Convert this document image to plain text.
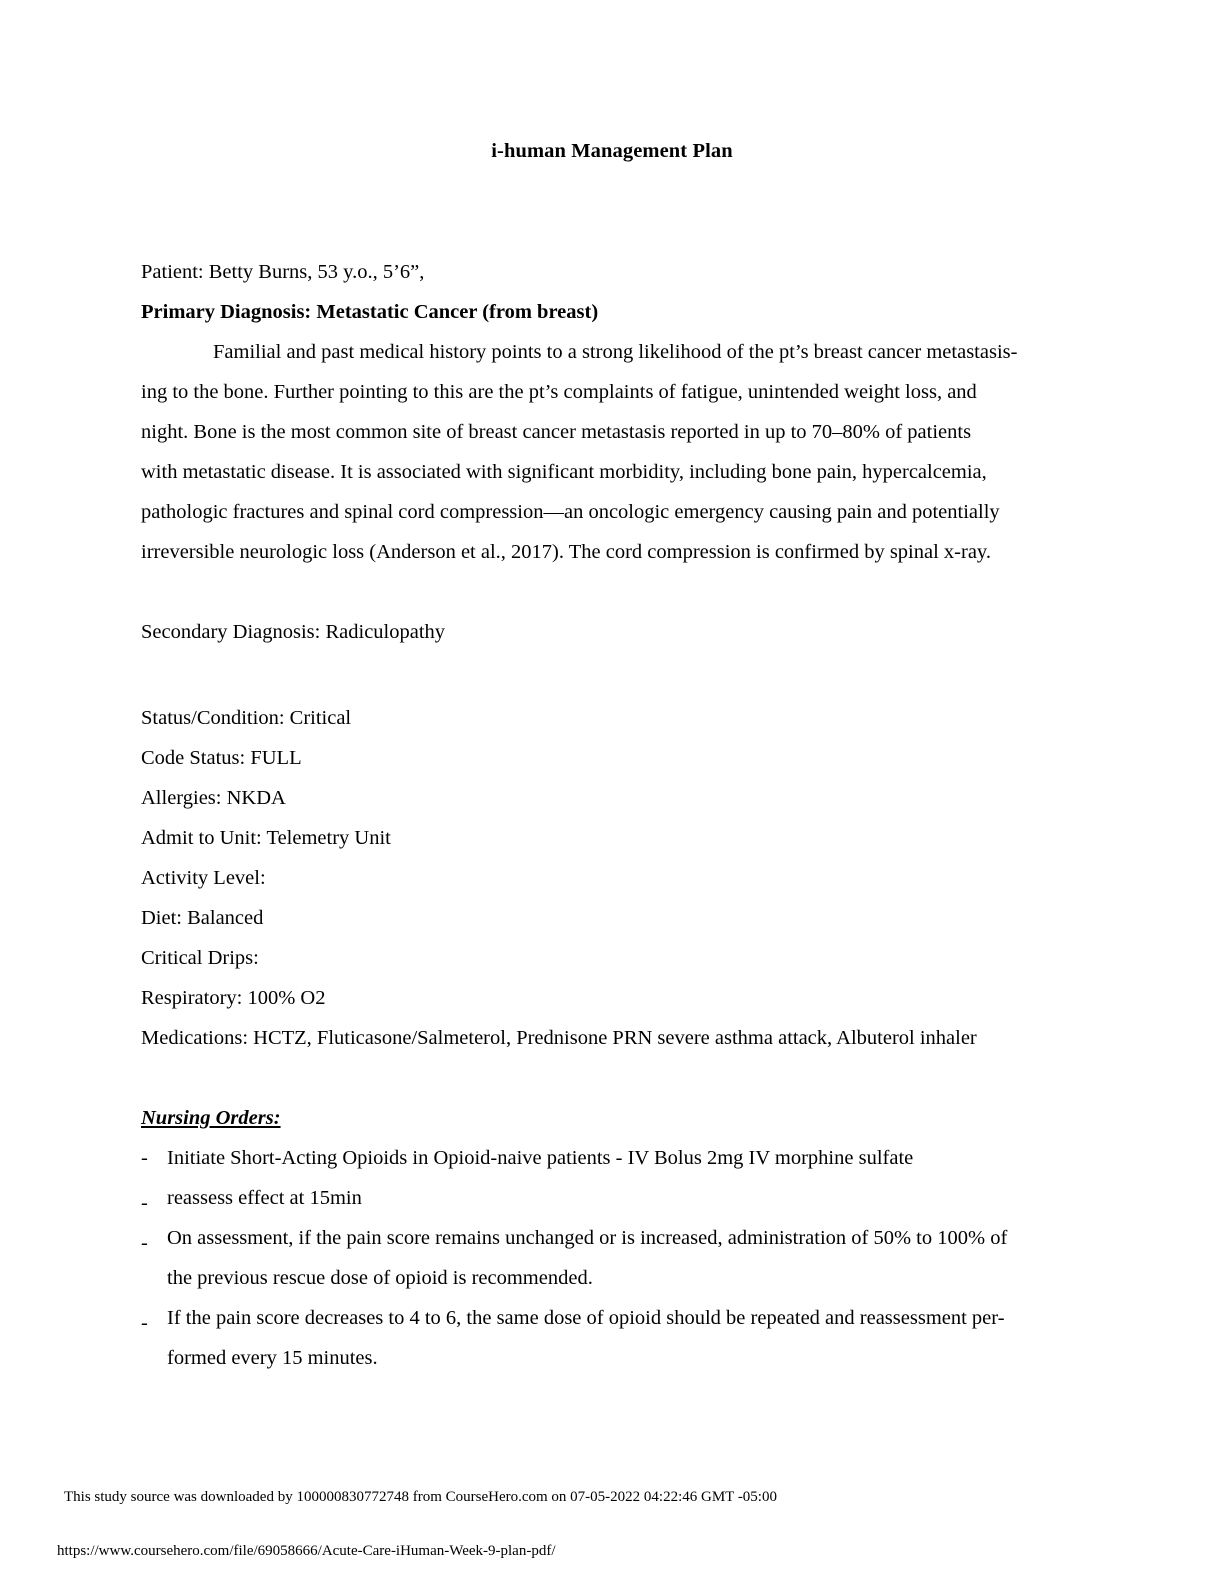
i-human Management Plan
Patient: Betty Burns, 53 y.o., 5’6”,
Primary Diagnosis: Metastatic Cancer (from breast)
Familial and past medical history points to a strong likelihood of the pt’s breast cancer metastasis-
ing to the bone. Further pointing to this are the pt’s complaints of fatigue, unintended weight loss, and
night. Bone is the most common site of breast cancer metastasis reported in up to 70–80% of patients
with metastatic disease. It is associated with significant morbidity, including bone pain, hypercalcemia,
pathologic fractures and spinal cord compression—an oncologic emergency causing pain and potentially
irreversible neurologic loss (Anderson et al., 2017). The cord compression is confirmed by spinal x-ray.
Secondary Diagnosis: Radiculopathy
Status/Condition: Critical
Code Status: FULL
Allergies: NKDA
Admit to Unit: Telemetry Unit
Activity Level:
Diet: Balanced
Critical Drips:
Respiratory: 100% O2
Medications: HCTZ, Fluticasone/Salmeterol, Prednisone PRN severe asthma attack, Albuterol inhaler
Nursing Orders:
- Initiate Short-Acting Opioids in Opioid-naive patients - IV Bolus 2mg IV morphine sulfate
- reassess effect at 15min
- On assessment, if the pain score remains unchanged or is increased, administration of 50% to 100% of
the previous rescue dose of opioid is recommended.
- If the pain score decreases to 4 to 6, the same dose of opioid should be repeated and reassessment per-
formed every 15 minutes.
This study source was downloaded by 100000830772748 from CourseHero.com on 07-05-2022 04:22:46 GMT -05:00
https://www.coursehero.com/file/69058666/Acute-Care-iHuman-Week-9-plan-pdf/
